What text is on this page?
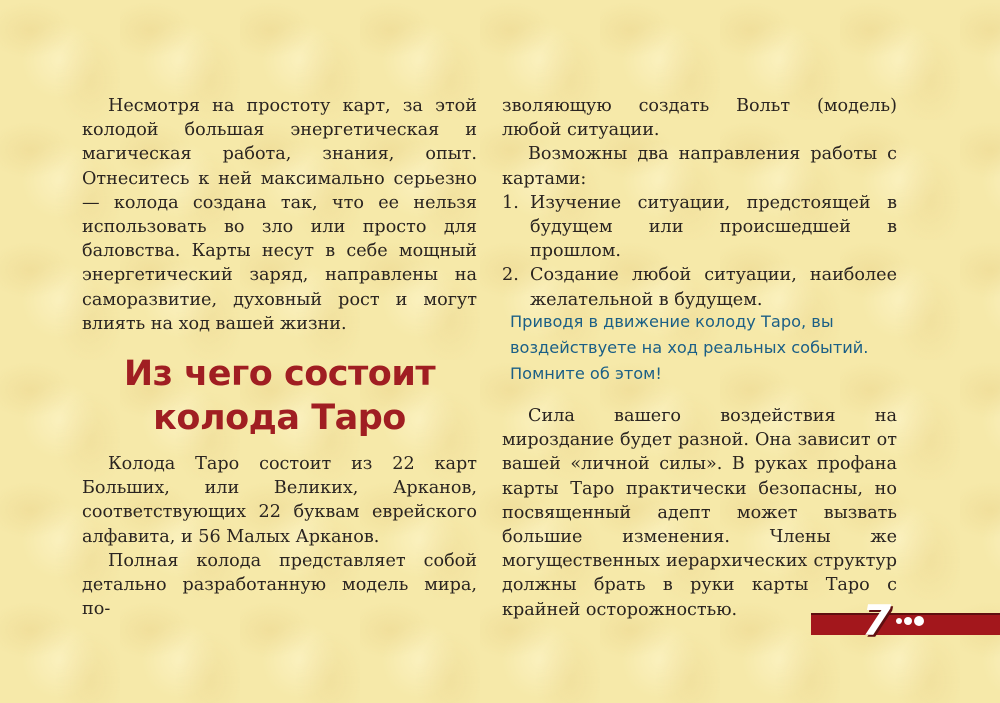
Несмотря на простоту карт, за этой колодой большая энергетическая и магическая работа, знания, опыт. Отнеситесь к ней максимально серьезно — колода создана так, что ее нельзя использовать во зло или просто для баловства. Карты несут в себе мощный энергетический заряд, направлены на саморазвитие, духовный рост и могут влиять на ход вашей жизни.

Колода Таро состоит из 22 карт Больших, или Великих, Арканов, соответствующих 22 буквам еврейского алфавита, и 56 Малых Арканов.

Полная колода представляет собой детально разработанную модель мира, по-

Из чего состоит колода Таро

зволяющую создать Вольт (модель) любой ситуации.

Возможны два направления работы с картами:

1. Изучение ситуации, предстоящей в будущем или происшедшей в прошлом.
2. Создание любой ситуации, наиболее желательной в будущем.

Сила вашего воздействия на мироздание будет разной. Она зависит от вашей «личной силы». В руках профана карты Таро практически безопасны, но посвященный адепт может вызвать большие изменения. Члены же могущественных иерархических структур должны брать в руки карты Таро с крайней осторожностью.

Приводя в движение колоду Таро, вы воздействуете на ход реальных событий. Помните об этом!
7
